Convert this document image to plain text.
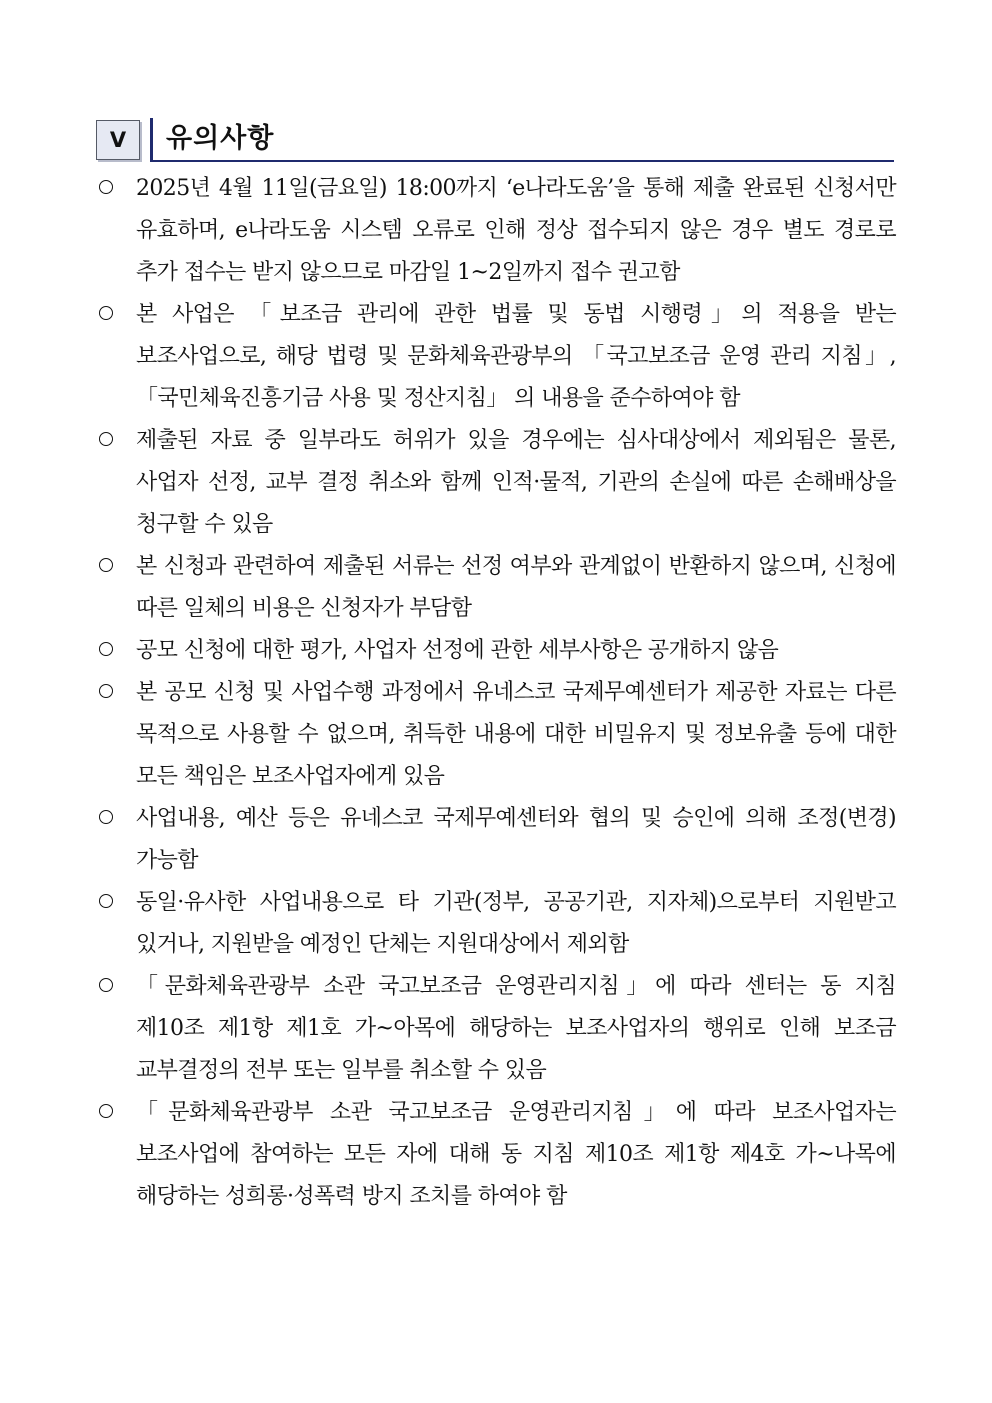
Ⅴ	유의사항
2025년 4월 11일(금요일) 18:00까지 ‘e나라도움’을 통해 제출 완료된 신청서만 유효하며, e나라도움 시스템 오류로 인해 정상 접수되지 않은 경우 별도 경로로 추가 접수는 받지 않으므로 마감일 1~2일까지 접수 권고함
본 사업은 「보조금 관리에 관한 법률 및 동법 시행령」의 적용을 받는 보조사업으로, 해당 법령 및 문화체육관광부의 「국고보조금 운영 관리 지침」, 「국민체육진흥기금 사용 및 정산지침」 의 내용을 준수하여야 함
제출된 자료 중 일부라도 허위가 있을 경우에는 심사대상에서 제외됨은 물론, 사업자 선정, 교부 결정 취소와 함께 인적·물적, 기관의 손실에 따른 손해배상을 청구할 수 있음
본 신청과 관련하여 제출된 서류는 선정 여부와 관계없이 반환하지 않으며, 신청에 따른 일체의 비용은 신청자가 부담함
공모 신청에 대한 평가, 사업자 선정에 관한 세부사항은 공개하지 않음
본 공모 신청 및 사업수행 과정에서 유네스코 국제무예센터가 제공한 자료는 다른 목적으로 사용할 수 없으며, 취득한 내용에 대한 비밀유지 및 정보유출 등에 대한 모든 책임은 보조사업자에게 있음
사업내용, 예산 등은 유네스코 국제무예센터와 협의 및 승인에 의해 조정(변경) 가능함
동일·유사한 사업내용으로 타 기관(정부, 공공기관, 지자체)으로부터 지원받고 있거나, 지원받을 예정인 단체는 지원대상에서 제외함
「문화체육관광부 소관 국고보조금 운영관리지침」에 따라 센터는 동 지침 제10조 제1항 제1호 가~아목에 해당하는 보조사업자의 행위로 인해 보조금 교부결정의 전부 또는 일부를 취소할 수 있음
「문화체육관광부 소관 국고보조금 운영관리지침」에 따라 보조사업자는 보조사업에 참여하는 모든 자에 대해 동 지침 제10조 제1항 제4호 가~나목에 해당하는 성희롱·성폭력 방지 조치를 하여야 함
